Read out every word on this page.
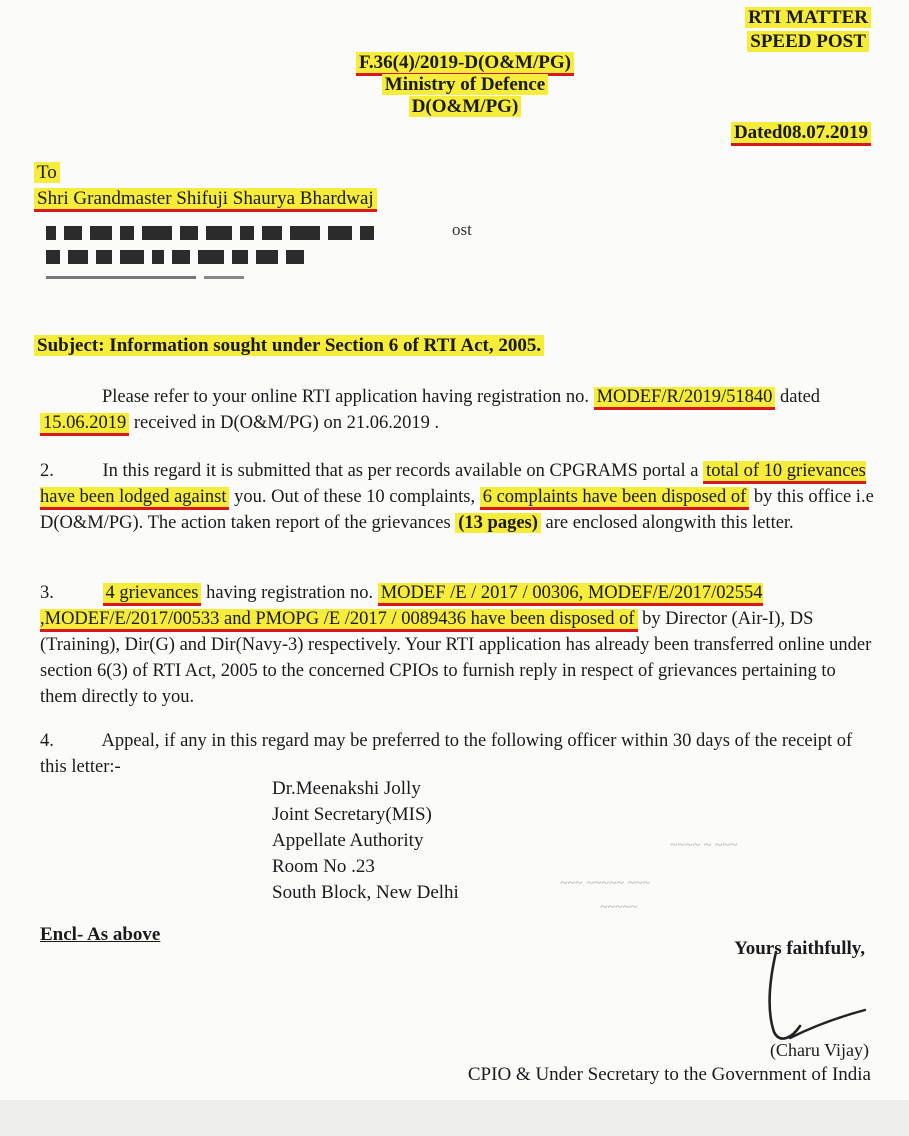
RTI MATTER
SPEED POST
F.36(4)/2019-D(O&M/PG)
Ministry of Defence
D(O&M/PG)
Dated08.07.2019
To
Shri Grandmaster Shifuji Shaurya Bhardwaj
ost
Subject: Information sought under Section 6 of RTI Act, 2005.
Please refer to your online RTI application having registration no. MODEF/R/2019/51840 dated 15.06.2019 received in D(O&M/PG) on 21.06.2019 .
2.	In this regard it is submitted that as per records available on CPGRAMS portal a total of 10 grievances have been lodged against you. Out of these 10 complaints, 6 complaints have been disposed of by this office i.e D(O&M/PG). The action taken report of the grievances (13 pages) are enclosed alongwith this letter.
3.	4 grievances having registration no. MODEF /E / 2017 / 00306, MODEF/E/2017/02554 ,MODEF/E/2017/00533 and PMOPG /E /2017 / 0089436 have been disposed of by Director (Air-I), DS (Training), Dir(G) and Dir(Navy-3) respectively. Your RTI application has already been transferred online under section 6(3) of RTI Act, 2005 to the concerned CPIOs to furnish reply in respect of grievances pertaining to them directly to you.
4.	Appeal, if any in this regard may be preferred to the following officer within 30 days of the receipt of this letter:-
Dr.Meenakshi Jolly
Joint Secretary(MIS)
Appellate Authority
Room No .23
South Block, New Delhi
~~~~ ~ ~~~
~~~ ~~~~~ ~~~
~~~~~
Encl- As above
Yours faithfully,
(Charu Vijay)
CPIO & Under Secretary to the Government of India
